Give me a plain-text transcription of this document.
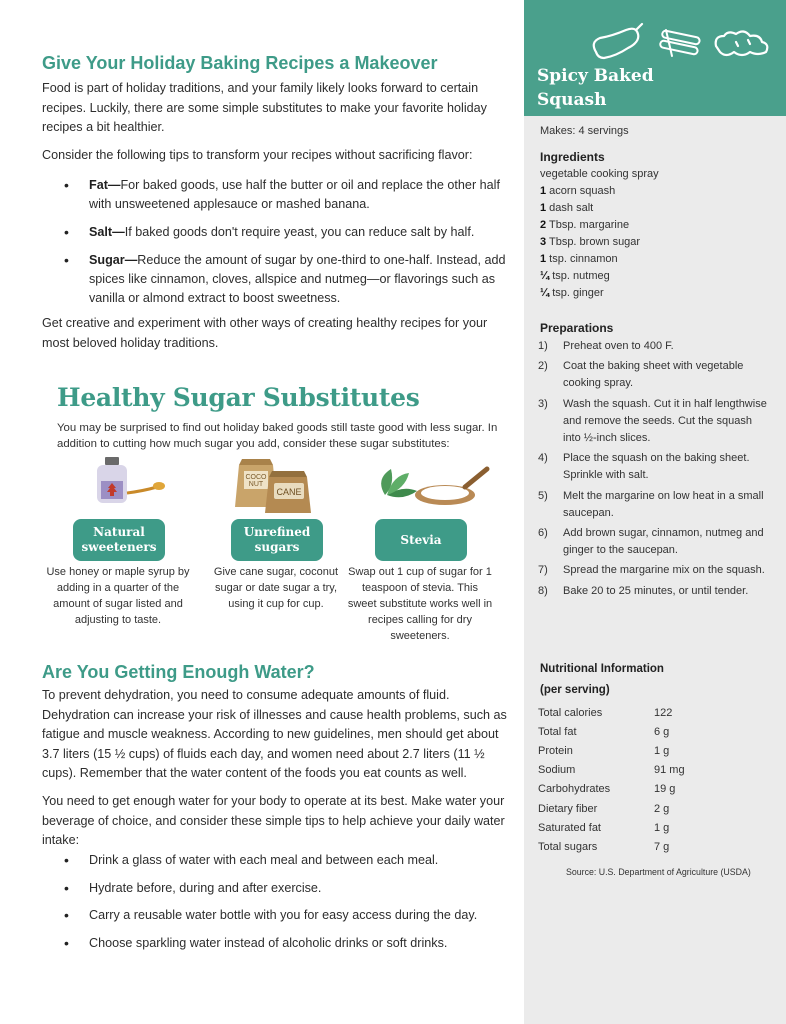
Give Your Holiday Baking Recipes a Makeover

Food is part of holiday traditions, and your family likely looks forward to certain recipes. Luckily, there are some simple substitutes to make your favorite holiday recipes a bit healthier.

Consider the following tips to transform your recipes without sacrificing flavor:

• Fat—For baked goods, use half the butter or oil and replace the other half with unsweetened applesauce or mashed banana.
• Salt—If baked goods don't require yeast, you can reduce salt by half.
• Sugar—Reduce the amount of sugar by one-third to one-half. Instead, add spices like cinnamon, cloves, allspice and nutmeg—or flavorings such as vanilla or almond extract to boost sweetness.

Get creative and experiment with other ways of creating healthy recipes for your most beloved holiday traditions.

Healthy Sugar Substitutes

You may be surprised to find out holiday baked goods still taste good with less sugar. In addition to cutting how much sugar you add, consider these sugar substitutes:

Natural
sweeteners

Use honey or maple syrup by adding in a quarter of the amount of sugar listed and adjusting to taste.

COCO
NUT
CANE
Unrefined
sugars

Give cane sugar, coconut sugar or date sugar a try, using it cup for cup.

Stevia

Swap out 1 cup of sugar for 1 teaspoon of stevia. This sweet substitute works well in recipes calling for dry sweeteners.

Are You Getting Enough Water?

To prevent dehydration, you need to consume adequate amounts of fluid. Dehydration can increase your risk of illnesses and cause health problems, such as fatigue and muscle weakness. According to new guidelines, men should get about 3.7 liters (15 ½ cups) of fluids each day, and women need about 2.7 liters (11 ½ cups). Remember that the water content of the foods you eat counts as well.

You need to get enough water for your body to operate at its best. Make water your beverage of choice, and consider these simple tips to help achieve your daily water intake:

• Drink a glass of water with each meal and between each meal.
• Hydrate before, during and after exercise.
• Carry a reusable water bottle with you for easy access during the day.
• Choose sparkling water instead of alcoholic drinks or soft drinks.
Spicy Baked
Squash
Makes: 4 servings
Ingredients
vegetable cooking spray
1 acorn squash
1 dash salt
2 Tbsp. margarine
3 Tbsp. brown sugar
1 tsp. cinnamon
¼ tsp. nutmeg
¼ tsp. ginger
Preparations
1) Preheat oven to 400 F.
2) Coat the baking sheet with vegetable cooking spray.
3) Wash the squash. Cut it in half lengthwise and remove the seeds. Cut the squash into ½-inch slices.
4) Place the squash on the baking sheet. Sprinkle with salt.
5) Melt the margarine on low heat in a small saucepan.
6) Add brown sugar, cinnamon, nutmeg and ginger to the saucepan.
7) Spread the margarine mix on the squash.
8) Bake 20 to 25 minutes, or until tender.
Nutritional Information
(per serving)
Total calories	122
Total fat	6 g
Protein	1 g
Sodium	91 mg
Carbohydrates	19 g
Dietary fiber	2 g
Saturated fat	1 g
Total sugars	7 g
Source: U.S. Department of Agriculture (USDA)
